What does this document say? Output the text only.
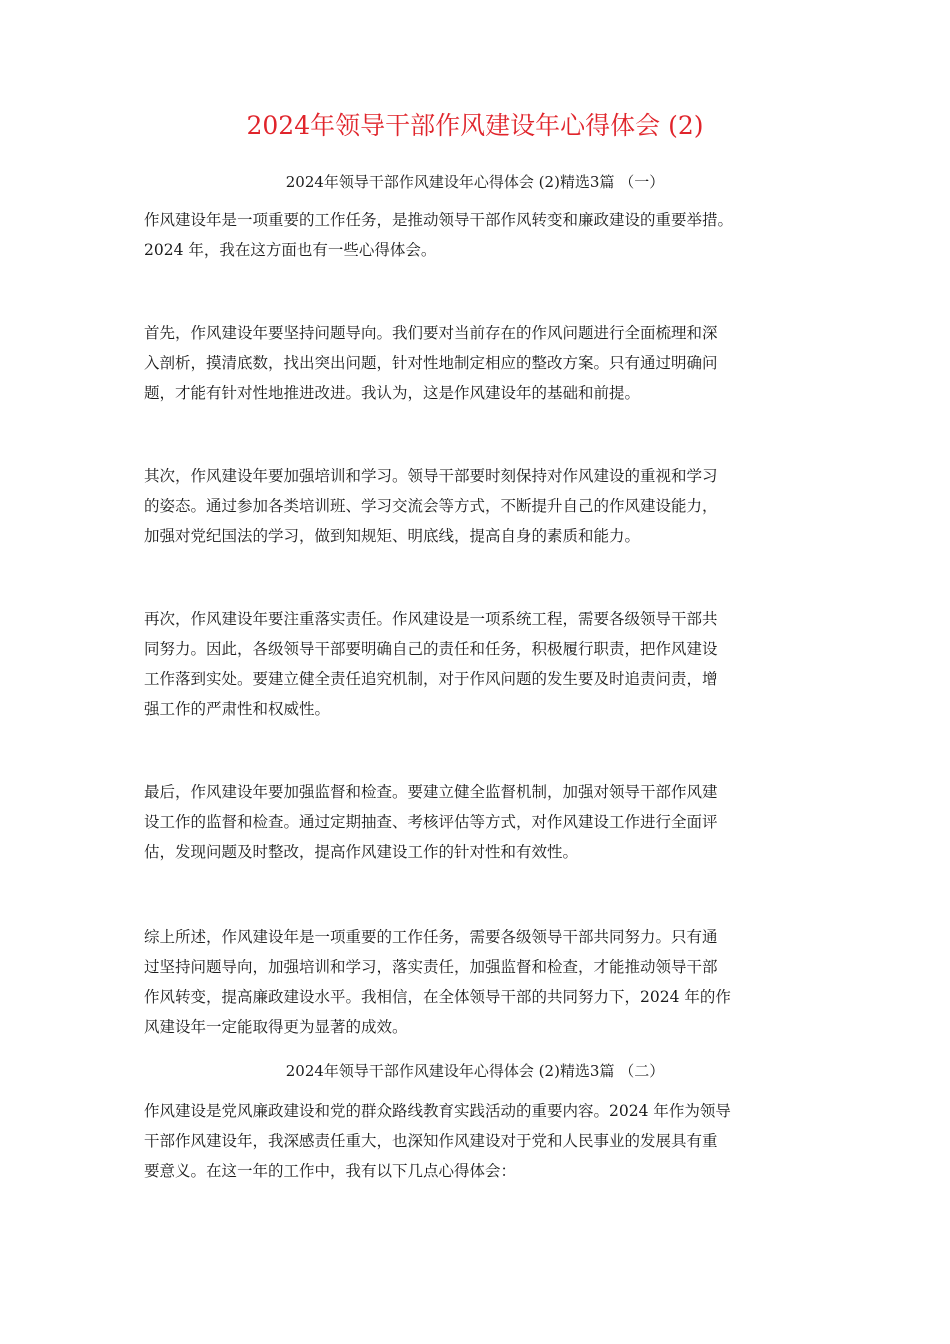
2024年领导干部作风建设年心得体会 (2)
2024年领导干部作风建设年心得体会 (2)精选3篇 （一）

作风建设年是一项重要的工作任务，是推动领导干部作风转变和廉政建设的重要举措。
2024 年，我在这方面也有一些心得体会。

首先，作风建设年要坚持问题导向。我们要对当前存在的作风问题进行全面梳理和深
入剖析，摸清底数，找出突出问题，针对性地制定相应的整改方案。只有通过明确问
题，才能有针对性地推进改进。我认为，这是作风建设年的基础和前提。

其次，作风建设年要加强培训和学习。领导干部要时刻保持对作风建设的重视和学习
的姿态。通过参加各类培训班、学习交流会等方式，不断提升自己的作风建设能力，
加强对党纪国法的学习，做到知规矩、明底线，提高自身的素质和能力。

再次，作风建设年要注重落实责任。作风建设是一项系统工程，需要各级领导干部共
同努力。因此，各级领导干部要明确自己的责任和任务，积极履行职责，把作风建设
工作落到实处。要建立健全责任追究机制，对于作风问题的发生要及时追责问责，增
强工作的严肃性和权威性。

最后，作风建设年要加强监督和检查。要建立健全监督机制，加强对领导干部作风建
设工作的监督和检查。通过定期抽查、考核评估等方式，对作风建设工作进行全面评
估，发现问题及时整改，提高作风建设工作的针对性和有效性。

综上所述，作风建设年是一项重要的工作任务，需要各级领导干部共同努力。只有通
过坚持问题导向，加强培训和学习，落实责任，加强监督和检查，才能推动领导干部
作风转变，提高廉政建设水平。我相信，在全体领导干部的共同努力下，2024 年的作
风建设年一定能取得更为显著的成效。

2024年领导干部作风建设年心得体会 (2)精选3篇 （二）

作风建设是党风廉政建设和党的群众路线教育实践活动的重要内容。2024 年作为领导
干部作风建设年，我深感责任重大，也深知作风建设对于党和人民事业的发展具有重
要意义。在这一年的工作中，我有以下几点心得体会：
